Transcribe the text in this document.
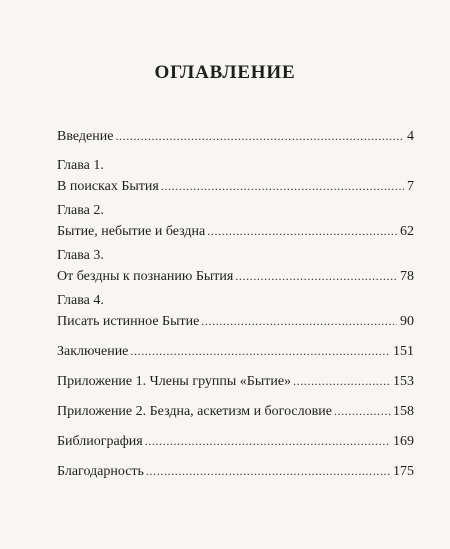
ОГЛАВЛЕНИЕ
Введение . . .	4
Глава 1.
В поисках Бытия . . .	7
Глава 2.
Бытие, небытие и бездна . . .	62
Глава 3.
От бездны к познанию Бытия . . .	78
Глава 4.
Писать истинное Бытие . . .	90
Заключение . . .	151
Приложение 1. Члены группы «Бытие» . . .	153
Приложение 2. Бездна, аскетизм и богословие . . .	158
Библиография . . .	169
Благодарность . . .	175
